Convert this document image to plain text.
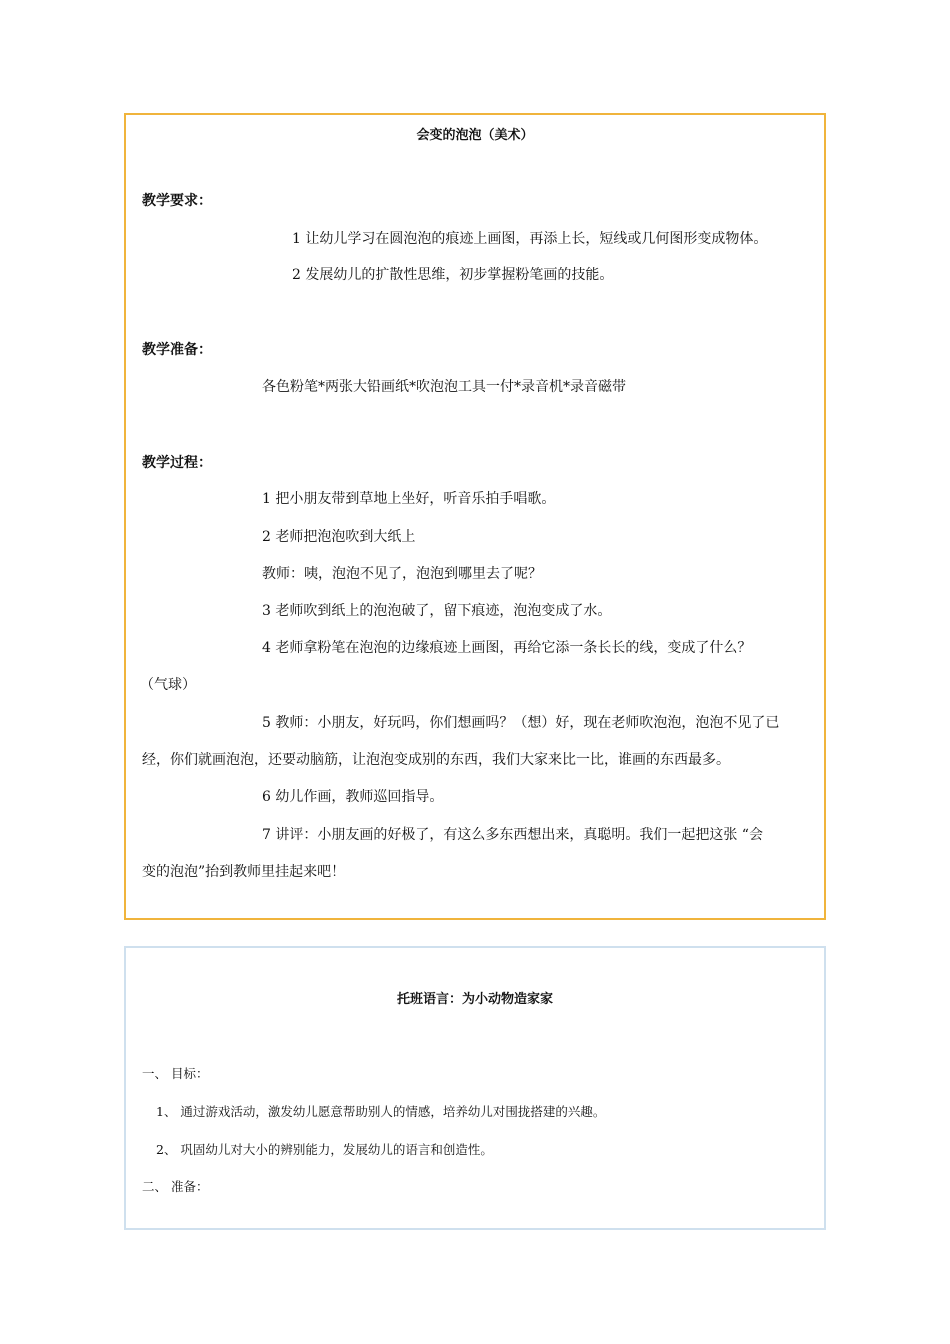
会变的泡泡（美术）
教学要求：
1 让幼儿学习在圆泡泡的痕迹上画图，再添上长，短线或几何图形变成物体。
2 发展幼儿的扩散性思维，初步掌握粉笔画的技能。
教学准备：
各色粉笔*两张大铅画纸*吹泡泡工具一付*录音机*录音磁带
教学过程：
1 把小朋友带到草地上坐好，听音乐拍手唱歌。
2 老师把泡泡吹到大纸上
教师：咦，泡泡不见了，泡泡到哪里去了呢？
3 老师吹到纸上的泡泡破了，留下痕迹，泡泡变成了水。
4 老师拿粉笔在泡泡的边缘痕迹上画图，再给它添一条长长的线，变成了什么？
（气球）
5 教师：小朋友，好玩吗，你们想画吗？（想）好，现在老师吹泡泡，泡泡不见了已
经，你们就画泡泡，还要动脑筋，让泡泡变成别的东西，我们大家来比一比，谁画的东西最多。
6 幼儿作画，教师巡回指导。
7 讲评：小朋友画的好极了，有这么多东西想出来，真聪明。我们一起把这张 “会
变的泡泡”抬到教师里挂起来吧！
托班语言：为小动物造家家
一、 目标：
1、 通过游戏活动，激发幼儿愿意帮助别人的情感，培养幼儿对围拢搭建的兴趣。
2、 巩固幼儿对大小的辨别能力，发展幼儿的语言和创造性。
二、 准备：
